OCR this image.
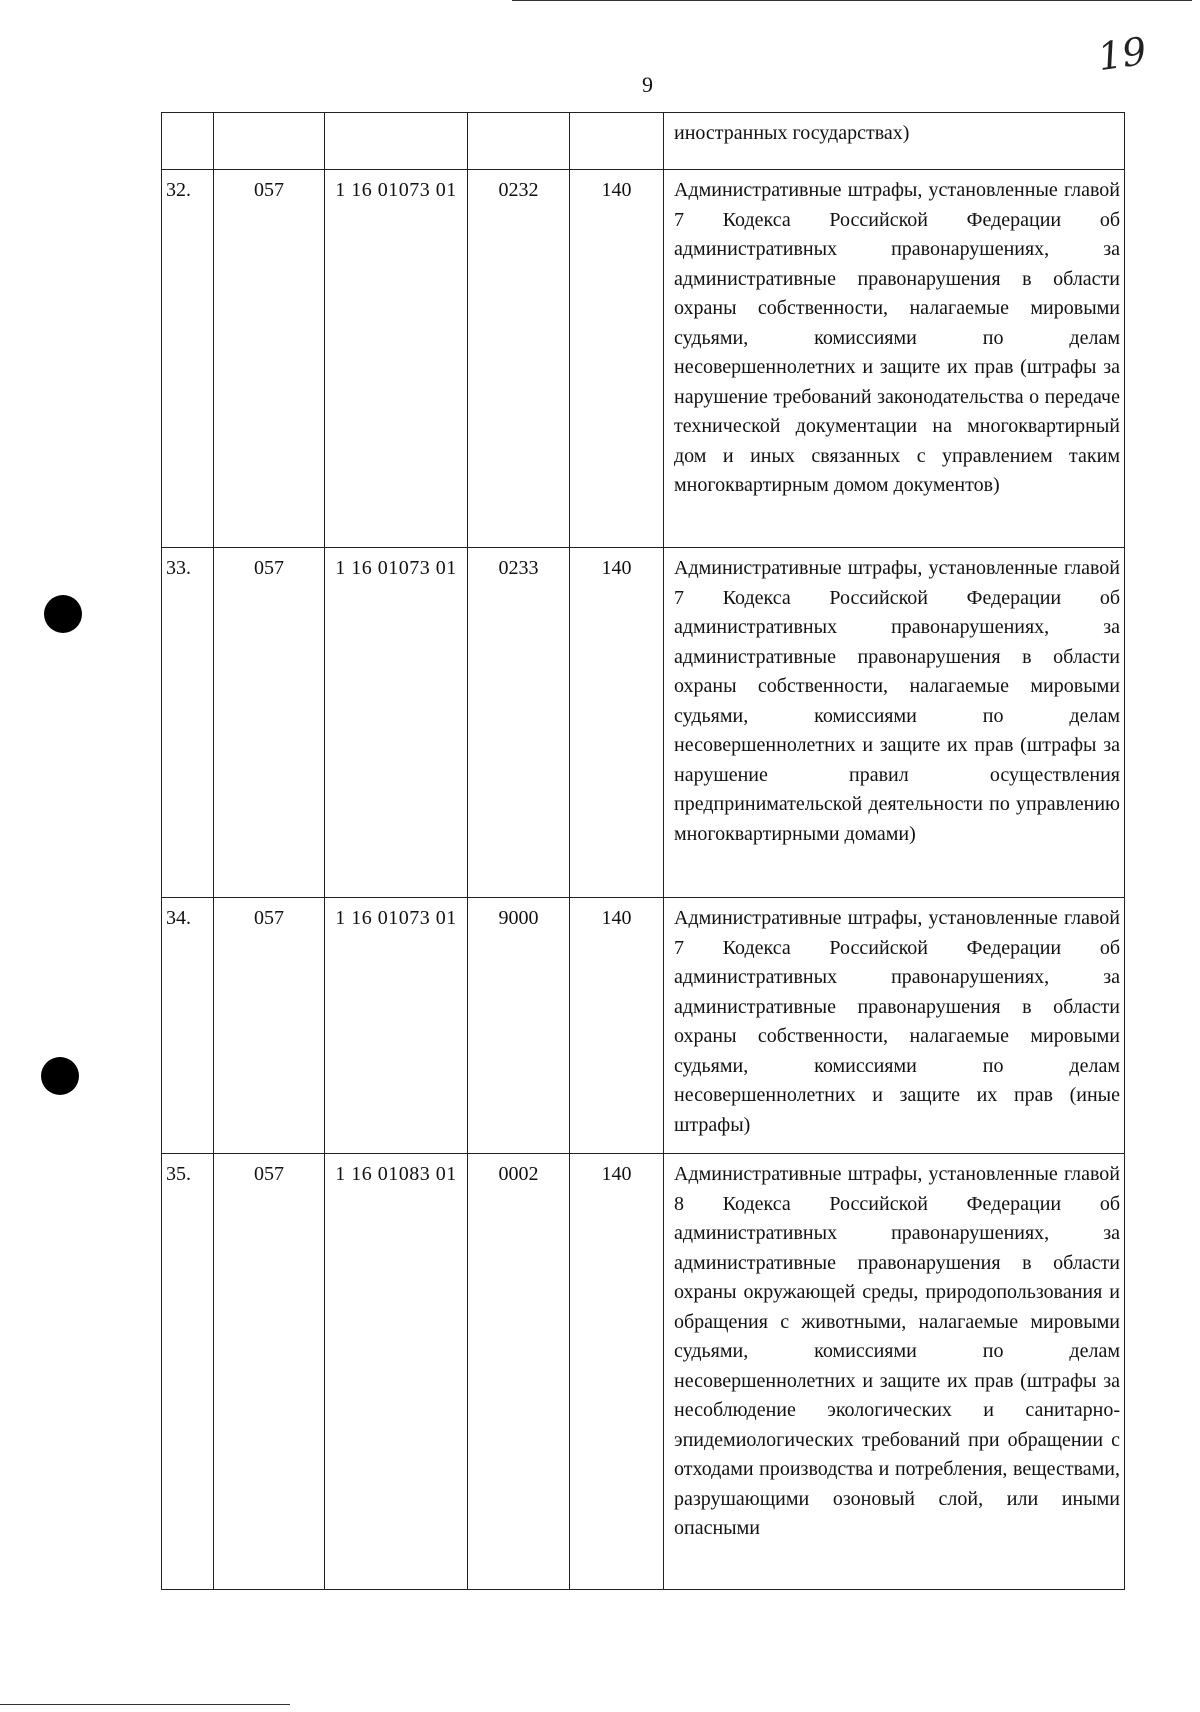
9
19

					иностранных государствах)

32.	057	1 16 01073 01	0232	140	Административные штрафы, установленные главой 7 Кодекса Российской Федерации об административных правонарушениях, за административные правонарушения в области охраны собственности, налагаемые мировыми судьями, комиссиями по делам несовершеннолетних и защите их прав (штрафы за нарушение требований законодательства о передаче технической документации на многоквартирный дом и иных связанных с управлением таким многоквартирным домом документов)

33.	057	1 16 01073 01	0233	140	Административные штрафы, установленные главой 7 Кодекса Российской Федерации об административных правонарушениях, за административные правонарушения в области охраны собственности, налагаемые мировыми судьями, комиссиями по делам несовершеннолетних и защите их прав (штрафы за нарушение правил осуществления предпринимательской деятельности по управлению многоквартирными домами)

34.	057	1 16 01073 01	9000	140	Административные штрафы, установленные главой 7 Кодекса Российской Федерации об административных правонарушениях, за административные правонарушения в области охраны собственности, налагаемые мировыми судьями, комиссиями по делам несовершеннолетних и защите их прав (иные штрафы)

35.	057	1 16 01083 01	0002	140	Административные штрафы, установленные главой 8 Кодекса Российской Федерации об административных правонарушениях, за административные правонарушения в области охраны окружающей среды, природопользования и обращения с животными, налагаемые мировыми судьями, комиссиями по делам несовершеннолетних и защите их прав (штрафы за несоблюдение экологических и санитарно-эпидемиологических требований при обращении с отходами производства и потребления, веществами, разрушающими озоновый слой, или иными опасными
